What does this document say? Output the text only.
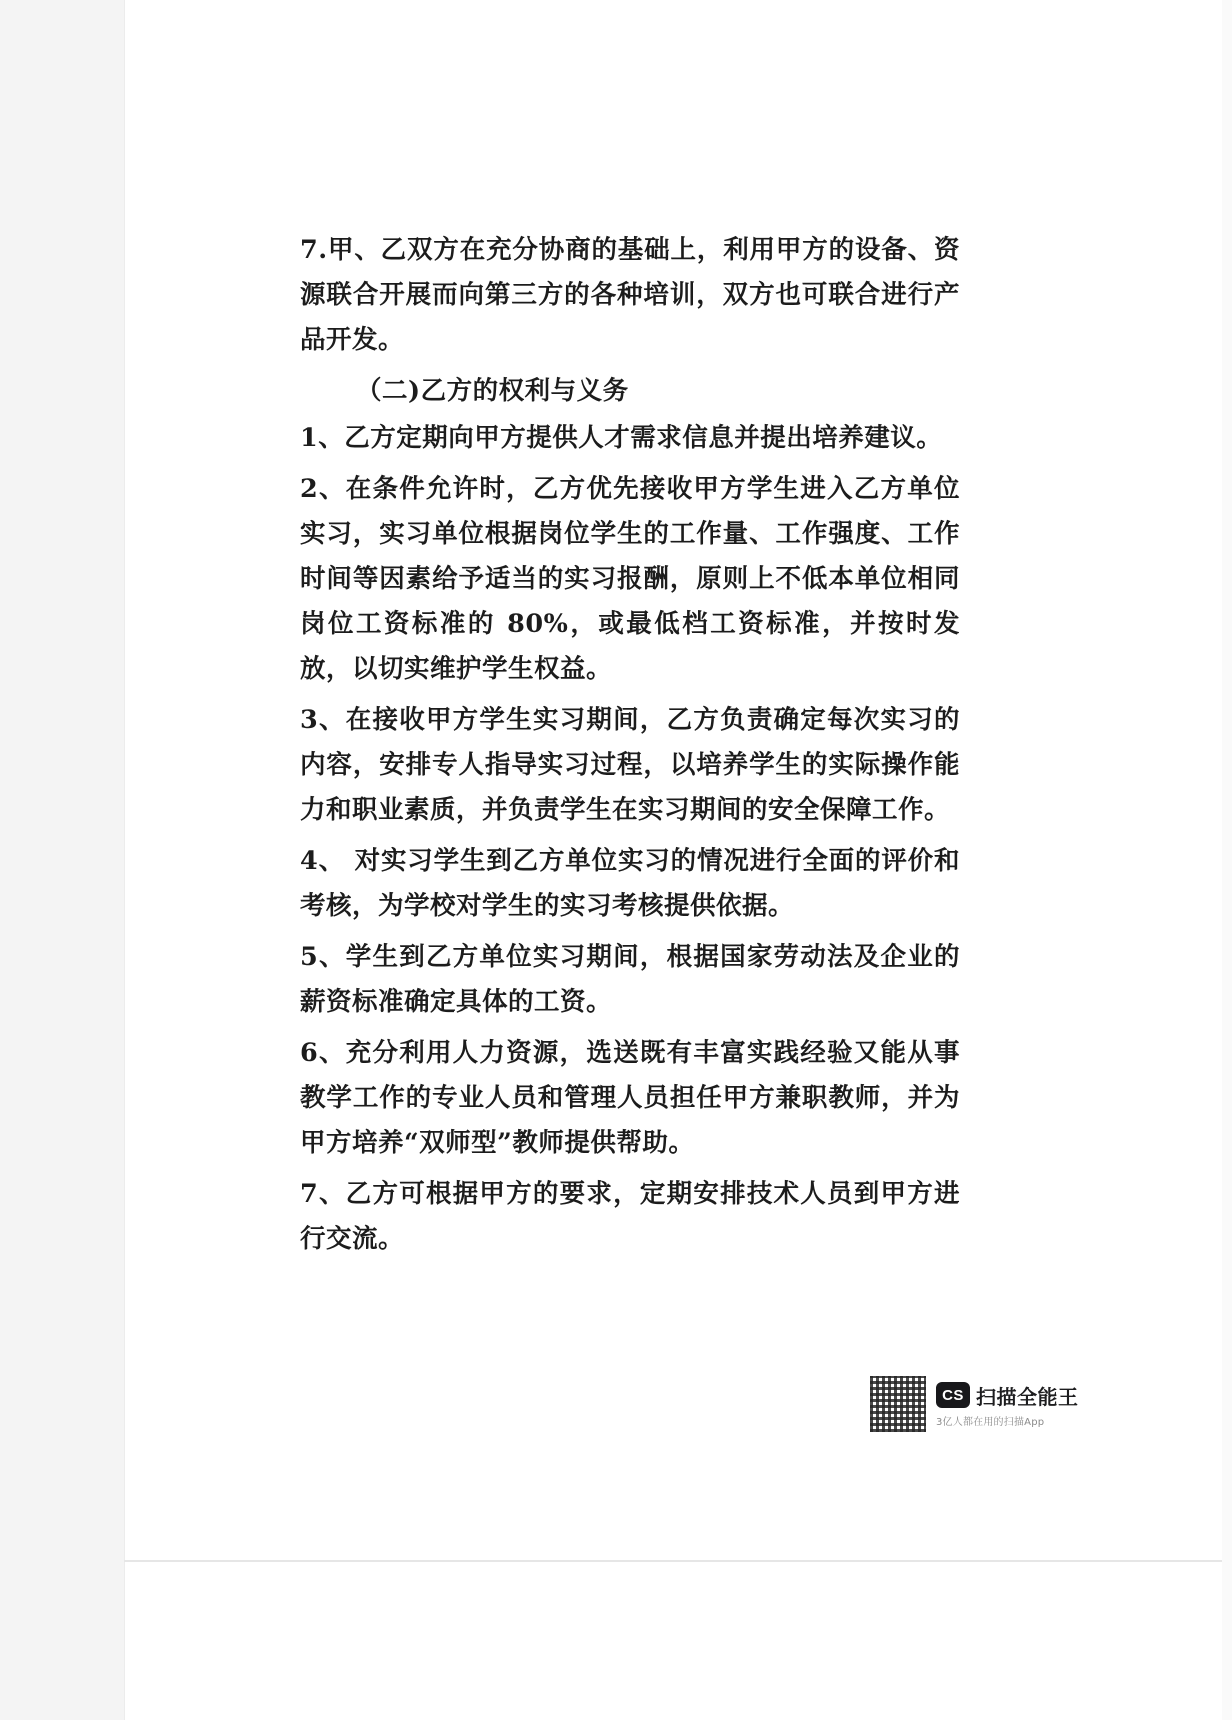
7.甲、乙双方在充分协商的基础上，利用甲方的设备、资源联合开展而向第三方的各种培训，双方也可联合进行产品开发。

（二)乙方的权利与义务

1、乙方定期向甲方提供人才需求信息并提出培养建议。

2、在条件允许时，乙方优先接收甲方学生进入乙方单位实习，实习单位根据岗位学生的工作量、工作强度、工作时间等因素给予适当的实习报酬，原则上不低本单位相同岗位工资标准的 80%，或最低档工资标准，并按时发放，以切实维护学生权益。

3、在接收甲方学生实习期间，乙方负责确定每次实习的内容，安排专人指导实习过程，以培养学生的实际操作能力和职业素质，并负责学生在实习期间的安全保障工作。

4、 对实习学生到乙方单位实习的情况进行全面的评价和考核，为学校对学生的实习考核提供依据。

5、学生到乙方单位实习期间，根据国家劳动法及企业的薪资标准确定具体的工资。

6、充分利用人力资源，选送既有丰富实践经验又能从事教学工作的专业人员和管理人员担任甲方兼职教师，并为甲方培养“双师型”教师提供帮助。

7、乙方可根据甲方的要求，定期安排技术人员到甲方进行交流。

CS 扫描全能王
3亿人都在用的扫描App
